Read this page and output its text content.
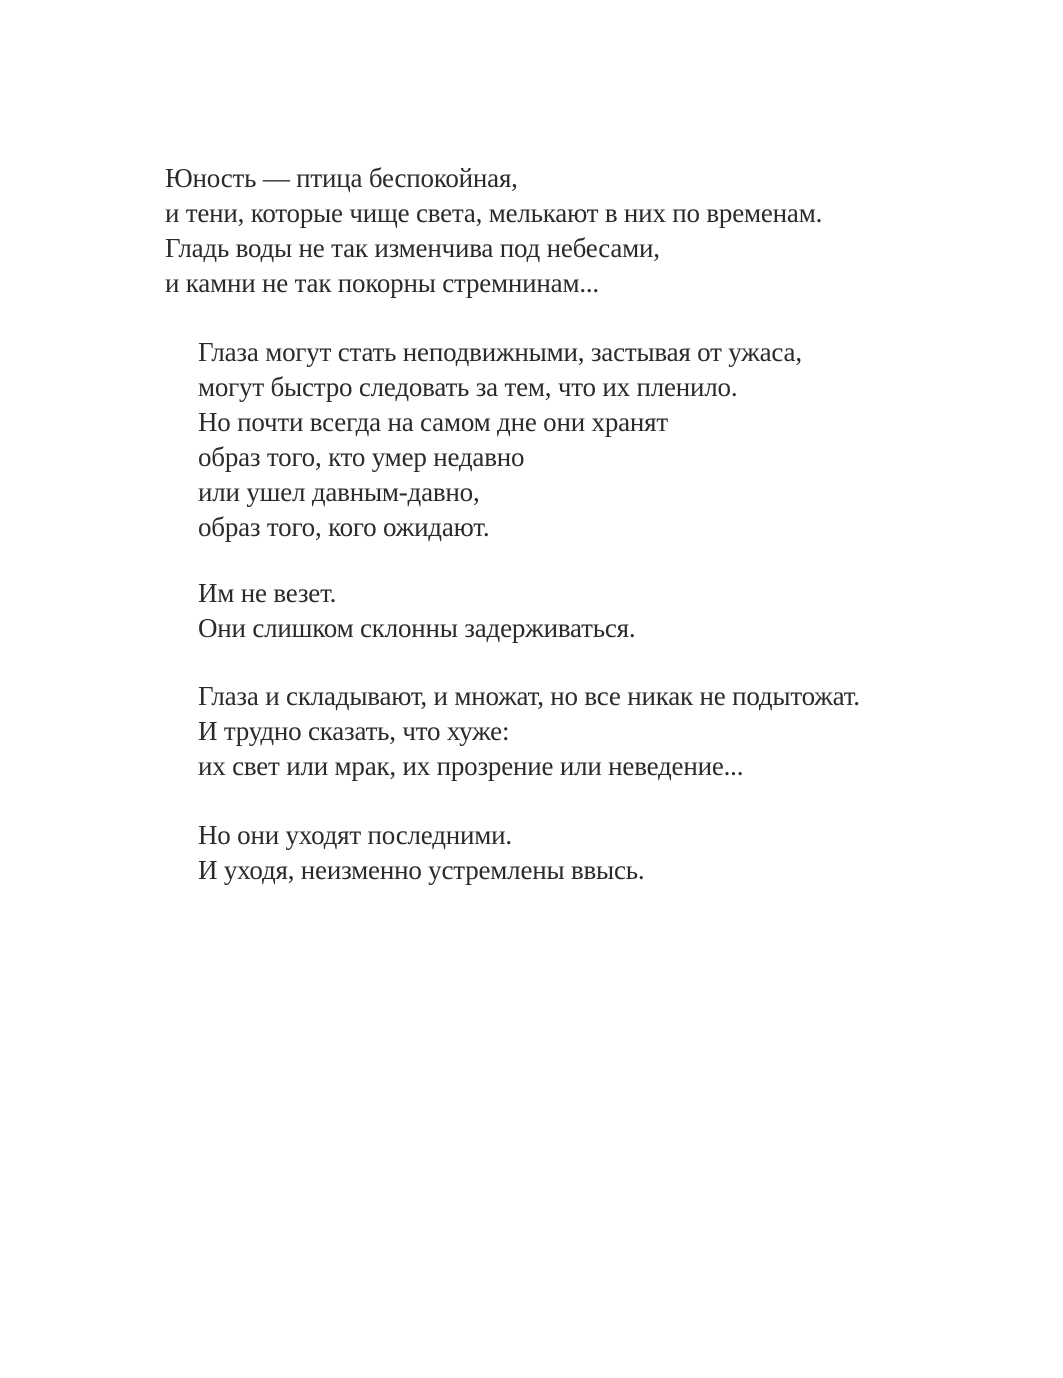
Юность — птица беспокойная,
и тени, которые чище света, мелькают в них по временам.
Гладь воды не так изменчива под небесами,
и камни не так покорны стремнинам...
Глаза могут стать неподвижными, застывая от ужаса,
могут быстро следовать за тем, что их пленило.
Но почти всегда на самом дне они хранят
образ того, кто умер недавно
или ушел давным-давно,
образ того, кого ожидают.
Им не везет.
Они слишком склонны задерживаться.
Глаза и складывают, и множат, но все никак не подытожат.
И трудно сказать, что хуже:
их свет или мрак, их прозрение или неведение...
Но они уходят последними.
И уходя, неизменно устремлены ввысь.
